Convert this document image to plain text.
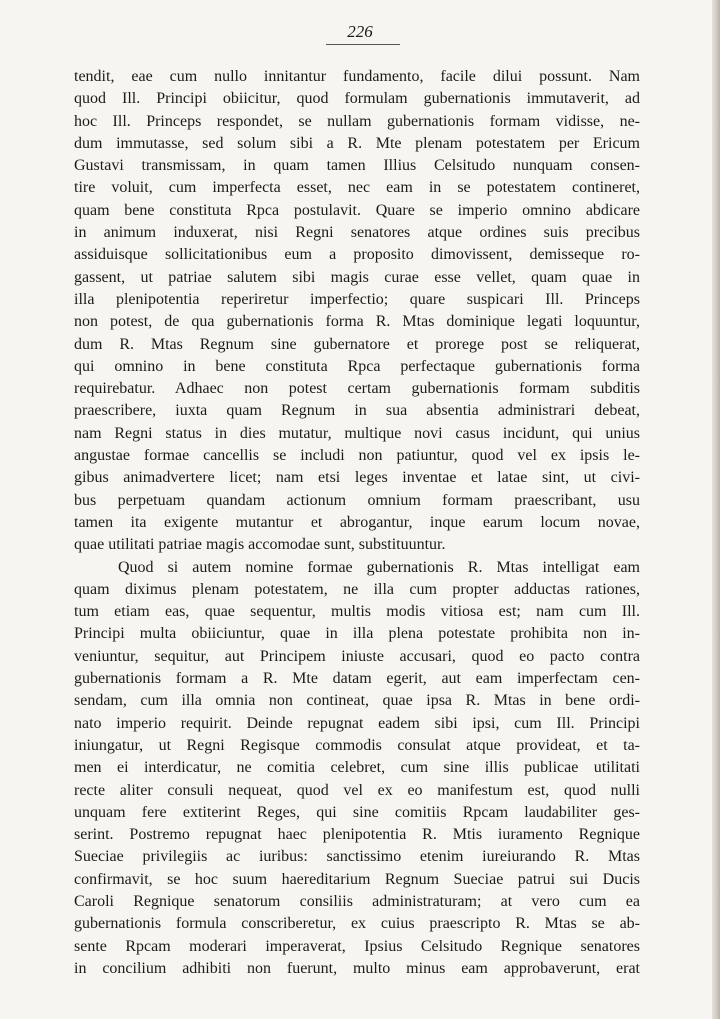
226
tendit, eae cum nullo innitantur fundamento, facile dilui possunt. Nam
quod Ill. Principi obiicitur, quod formulam gubernationis immutaverit, ad
hoc Ill. Princeps respondet, se nullam gubernationis formam vidisse, ne-
dum immutasse, sed solum sibi a R. Mte plenam potestatem per Ericum
Gustavi transmissam, in quam tamen Illius Celsitudo nunquam consen-
tire voluit, cum imperfecta esset, nec eam in se potestatem contineret,
quam bene constituta Rpca postulavit. Quare se imperio omnino abdicare
in animum induxerat, nisi Regni senatores atque ordines suis precibus
assiduisque sollicitationibus eum a proposito dimovissent, demisseque ro-
gassent, ut patriae salutem sibi magis curae esse vellet, quam quae in
illa plenipotentia reperiretur imperfectio; quare suspicari Ill. Princeps
non potest, de qua gubernationis forma R. Mtas dominique legati loquuntur,
dum R. Mtas Regnum sine gubernatore et prorege post se reliquerat,
qui omnino in bene constituta Rpca perfectaque gubernationis forma
requirebatur. Adhaec non potest certam gubernationis formam subditis
praescribere, iuxta quam Regnum in sua absentia administrari debeat,
nam Regni status in dies mutatur, multique novi casus incidunt, qui unius
angustae formae cancellis se includi non patiuntur, quod vel ex ipsis le-
gibus animadvertere licet; nam etsi leges inventae et latae sint, ut civi-
bus perpetuam quandam actionum omnium formam praescribant, usu
tamen ita exigente mutantur et abrogantur, inque earum locum novae,
quae utilitati patriae magis accomodae sunt, substituuntur.
Quod si autem nomine formae gubernationis R. Mtas intelligat eam
quam diximus plenam potestatem, ne illa cum propter adductas rationes,
tum etiam eas, quae sequentur, multis modis vitiosa est; nam cum Ill.
Principi multa obiiciuntur, quae in illa plena potestate prohibita non in-
veniuntur, sequitur, aut Principem iniuste accusari, quod eo pacto contra
gubernationis formam a R. Mte datam egerit, aut eam imperfectam cen-
sendam, cum illa omnia non contineat, quae ipsa R. Mtas in bene ordi-
nato imperio requirit. Deinde repugnat eadem sibi ipsi, cum Ill. Principi
iniungatur, ut Regni Regisque commodis consulat atque provideat, et ta-
men ei interdicatur, ne comitia celebret, cum sine illis publicae utilitati
recte aliter consuli nequeat, quod vel ex eo manifestum est, quod nulli
unquam fere extiterint Reges, qui sine comitiis Rpcam laudabiliter ges-
serint. Postremo repugnat haec plenipotentia R. Mtis iuramento Regnique
Sueciae privilegiis ac iuribus: sanctissimo etenim iureiurando R. Mtas
confirmavit, se hoc suum haereditarium Regnum Sueciae patrui sui Ducis
Caroli Regnique senatorum consiliis administraturam; at vero cum ea
gubernationis formula conscriberetur, ex cuius praescripto R. Mtas se ab-
sente Rpcam moderari imperaverat, Ipsius Celsitudo Regnique senatores
in concilium adhibiti non fuerunt, multo minus eam approbaverunt, erat
